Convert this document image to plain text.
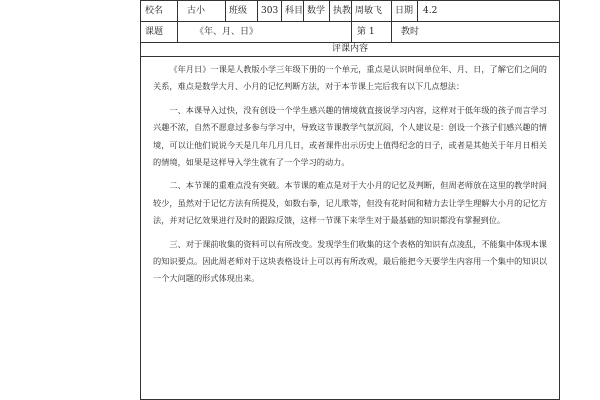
校名	古小	班级	303 科目 数学 执教 周敏飞	日期	4.2
课题	《年、月、日》	第 1	教时
评课内容

《年月日》一课是人教版小学三年级下册的一个单元，重点是认识时间单位年、月、日，了解它们之间的关系，难点是数学大月、小月的记忆判断方法，对于本节课上完后我有以下几点想法：

一、本课导入过快，没有创设一个学生感兴趣的情境就直接说学习内容，这样对于低年级的孩子而言学习兴趣不浓，自然不愿意过多参与学习中，导致这节课教学气氛沉闷，个人建议是：创设一个孩子们感兴趣的情境，可以让他们说说今天是几年几月几日，或者课件出示历史上值得纪念的日子，或者是其他关于年月日相关的情境，如果是这样导入学生就有了一个学习的动力。

二、本节课的重难点没有突破。本节课的难点是对于大小月的记忆及判断，但周老师放在这里的教学时间较少，虽然对于记忆方法有所提及，如数右拳，记儿歌等，但没有花时间和精力去让学生理解大小月的记忆方法，并对记忆效果进行及时的跟踪反馈，这样一节课下来学生对于最基础的知识都没有掌握到位。

三、对于课前收集的资料可以有所改变。发现学生们收集的这个表格的知识有点凌乱，不能集中体现本课的知识要点。因此周老师对于这块表格设计上可以再有所改观，最后能把今天要学生内容用一个集中的知识以一个大问题的形式体现出来。
